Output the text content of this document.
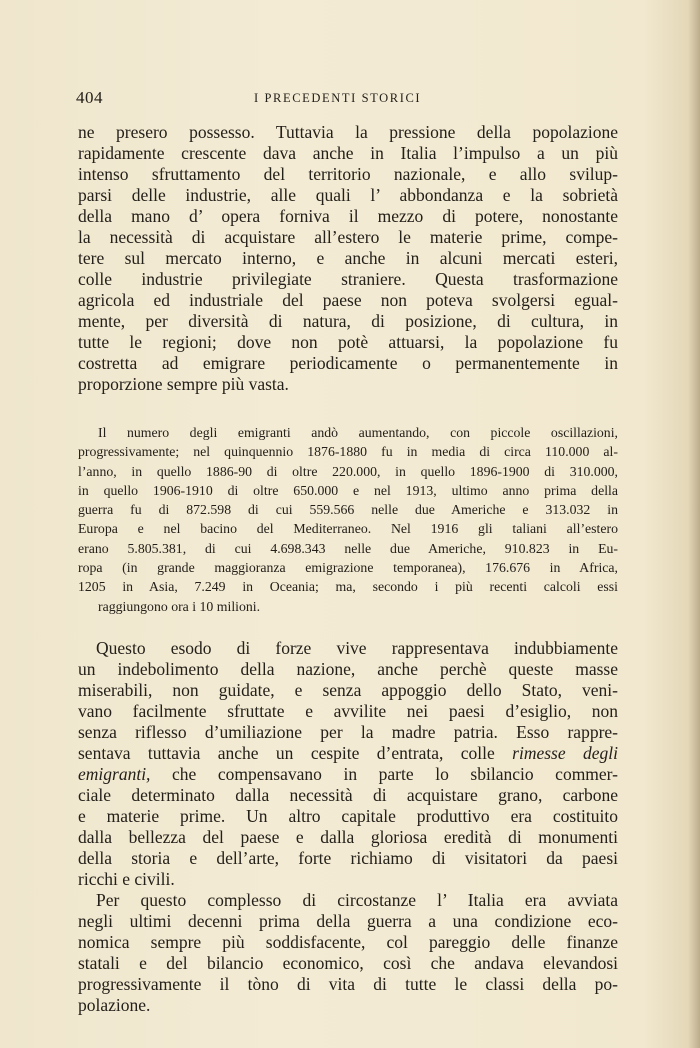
404	I PRECEDENTI STORICI
ne presero possesso. Tuttavia la pressione della popolazione
rapidamente crescente dava anche in Italia l’impulso a un più
intenso sfruttamento del territorio nazionale, e allo svilup-
parsi delle industrie, alle quali l’ abbondanza e la sobrietà
della mano d’ opera forniva il mezzo di potere, nonostante
la necessità di acquistare all’estero le materie prime, compe-
tere sul mercato interno, e anche in alcuni mercati esteri,
colle industrie privilegiate straniere. Questa trasformazione
agricola ed industriale del paese non poteva svolgersi egual-
mente, per diversità di natura, di posizione, di cultura, in
tutte le regioni; dove non potè attuarsi, la popolazione fu
costretta ad emigrare periodicamente o permanentemente in
proporzione sempre più vasta.
Il numero degli emigranti andò aumentando, con piccole oscillazioni,
progressivamente; nel quinquennio 1876-1880 fu in media di circa 110.000 al-
l’anno, in quello 1886-90 di oltre 220.000, in quello 1896-1900 di 310.000,
in quello 1906-1910 di oltre 650.000 e nel 1913, ultimo anno prima della
guerra fu di 872.598 di cui 559.566 nelle due Americhe e 313.032 in
Europa e nel bacino del Mediterraneo. Nel 1916 gli taliani all’estero
erano 5.805.381, di cui 4.698.343 nelle due Americhe, 910.823 in Eu-
ropa (in grande maggioranza emigrazione temporanea), 176.676 in Africa,
1205 in Asia, 7.249 in Oceania; ma, secondo i più recenti calcoli essi
raggiungono ora i 10 milioni.
Questo esodo di forze vive rappresentava indubbiamente
un indebolimento della nazione, anche perchè queste masse
miserabili, non guidate, e senza appoggio dello Stato, veni-
vano facilmente sfruttate e avvilite nei paesi d’esiglio, non
senza riflesso d’umiliazione per la madre patria. Esso rappre-
sentava tuttavia anche un cespite d’entrata, colle rimesse degli
emigranti, che compensavano in parte lo sbilancio commer-
ciale determinato dalla necessità di acquistare grano, carbone
e materie prime. Un altro capitale produttivo era costituito
dalla bellezza del paese e dalla gloriosa eredità di monumenti
della storia e dell’arte, forte richiamo di visitatori da paesi
ricchi e civili.
Per questo complesso di circostanze l’ Italia era avviata
negli ultimi decenni prima della guerra a una condizione eco-
nomica sempre più soddisfacente, col pareggio delle finanze
statali e del bilancio economico, così che andava elevandosi
progressivamente il tòno di vita di tutte le classi della po-
polazione.
